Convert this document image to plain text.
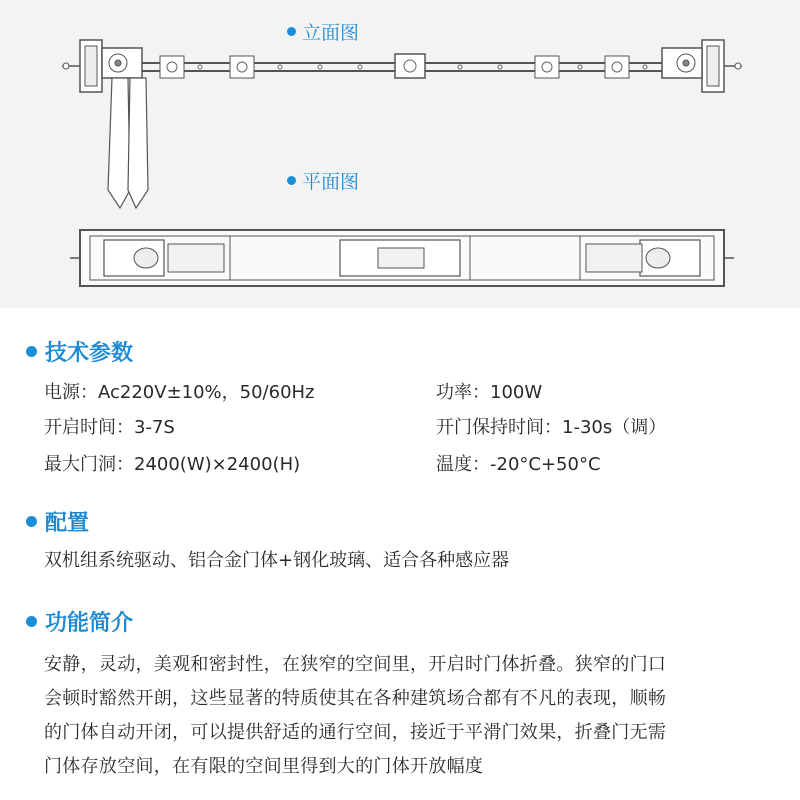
立面图
平面图
技术参数
电源：Ac220V±10%，50/60Hz	功率：100W
开启时间：3-7S	开门保持时间：1-30s（调）
最大门洞：2400(W)×2400(H)	温度：-20°C+50°C
配置
双机组系统驱动、铝合金门体+钢化玻璃、适合各种感应器
功能简介
安静，灵动，美观和密封性，在狭窄的空间里，开启时门体折叠。狭窄的门口
会顿时豁然开朗，这些显著的特质使其在各种建筑场合都有不凡的表现，顺畅
的门体自动开闭，可以提供舒适的通行空间，接近于平滑门效果，折叠门无需
门体存放空间，在有限的空间里得到大的门体开放幅度
